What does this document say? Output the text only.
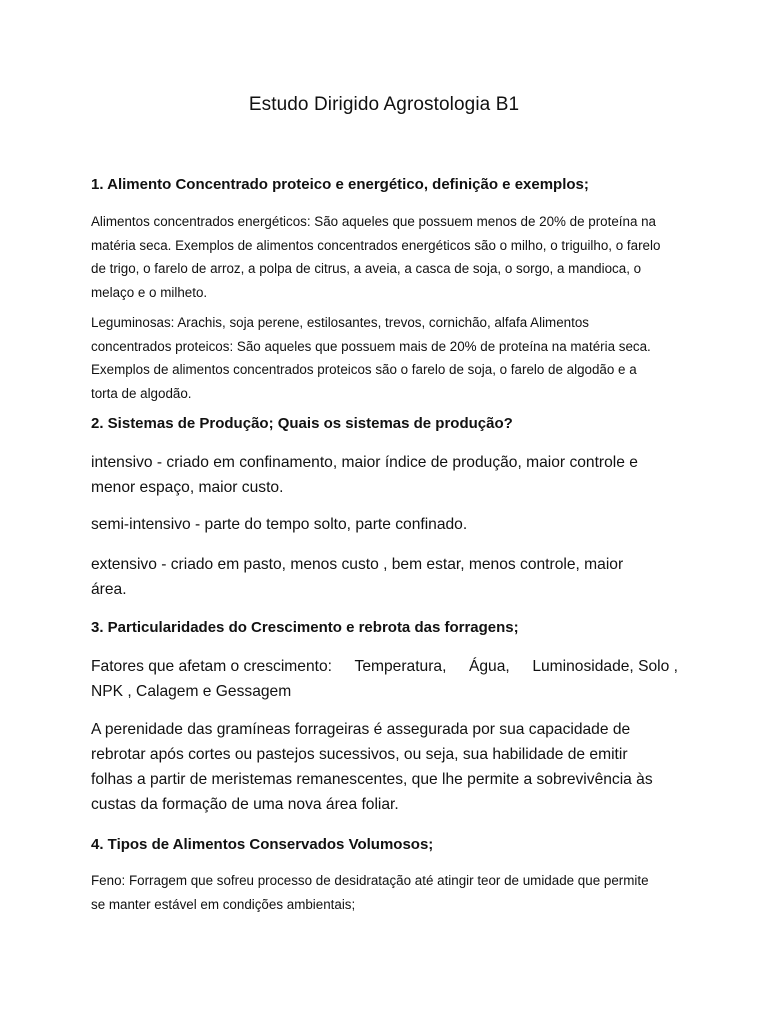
Estudo Dirigido Agrostologia B1
1. Alimento Concentrado proteico e energético, definição e exemplos;
Alimentos concentrados energéticos: São aqueles que possuem menos de 20% de proteína na
matéria seca. Exemplos de alimentos concentrados energéticos são o milho, o triguilho, o farelo
de trigo, o farelo de arroz, a polpa de citrus, a aveia, a casca de soja, o sorgo, a mandioca, o
melaço e o milheto.
Leguminosas: Arachis, soja perene, estilosantes, trevos, cornichão, alfafa Alimentos
concentrados proteicos: São aqueles que possuem mais de 20% de proteína na matéria seca.
Exemplos de alimentos concentrados proteicos são o farelo de soja, o farelo de algodão e a
torta de algodão.
2. Sistemas de Produção; Quais os sistemas de produção?
intensivo - criado em confinamento, maior índice de produção, maior controle e
menor espaço, maior custo.
semi-intensivo - parte do tempo solto, parte confinado.
extensivo - criado em pasto, menos custo , bem estar, menos controle, maior
área.
3. Particularidades do Crescimento e rebrota das forragens;
Fatores que afetam o crescimento: Temperatura, Água, Luminosidade, Solo ,
NPK , Calagem e Gessagem
A perenidade das gramíneas forrageiras é assegurada por sua capacidade de
rebrotar após cortes ou pastejos sucessivos, ou seja, sua habilidade de emitir
folhas a partir de meristemas remanescentes, que lhe permite a sobrevivência às
custas da formação de uma nova área foliar.
4. Tipos de Alimentos Conservados Volumosos;
Feno: Forragem que sofreu processo de desidratação até atingir teor de umidade que permite
se manter estável em condições ambientais;
